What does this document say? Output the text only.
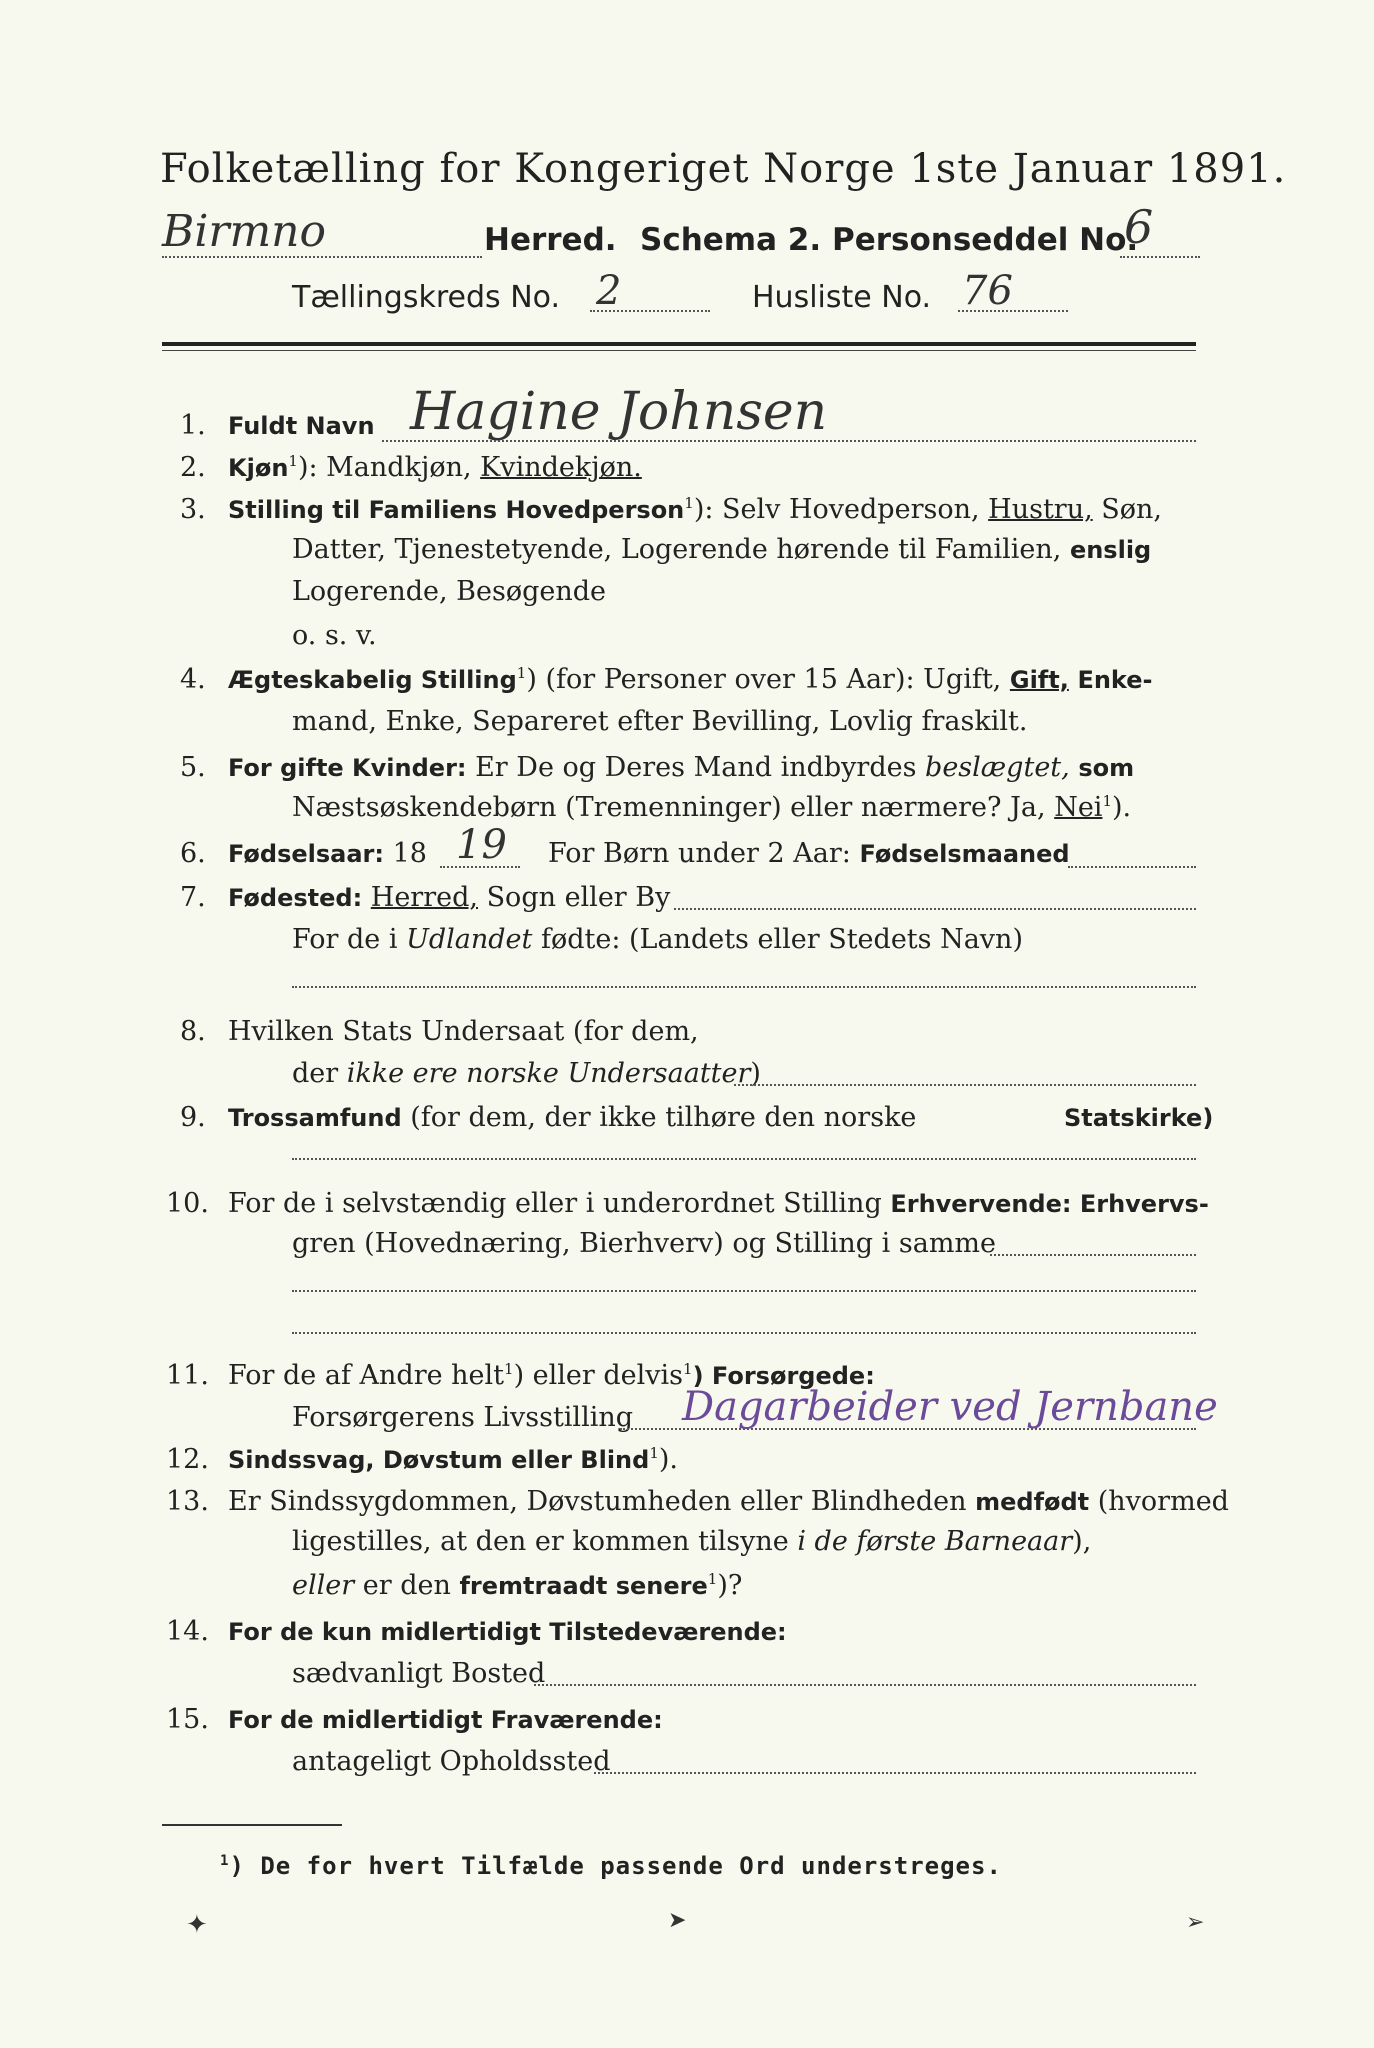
Folketælling for Kongeriget Norge 1ste Januar 1891.
Birmno	Herred. Schema 2. Personseddel No.
6
Tællingskreds No. 2	Husliste No. 76
1. Fuldt Navn Hagine Johnsen
2. Kjøn$^1$): Mandkjøn, Kvindekjøn.
3. Stilling til Familiens Hovedperson$^1$): Selv Hovedperson, Hustru, Søn,
Datter, Tjenestetyende, Logerende hørende til Familien, enslig
Logerende, Besøgende
o. s. v.
4. Ægteskabelig Stilling$^1$) (for Personer over 15 Aar): Ugift, Gift, Enke-
mand, Enke, Separeret efter Bevilling, Lovlig fraskilt.
5. For gifte Kvinder: Er De og Deres Mand indbyrdes beslægtet, som
Næstsøskendebørn (Tremenninger) eller nærmere? Ja, Nei$^1$).
6. Fødselsaar: 18 19 For Børn under 2 Aar: Fødselsmaaned
7. Fødested: Herred, Sogn eller By
For de i Udlandet fødte: (Landets eller Stedets Navn)
8. Hvilken Stats Undersaat (for dem,
der ikke ere norske Undersaatter)
9. Trossamfund (for dem, der ikke tilhøre den norske	Statskirke)
10. For de i selvstændig eller i underordnet Stilling Erhvervende: Erhvervs-
gren (Hovednæring, Bierhverv) og Stilling i samme
11. For de af Andre helt$^1$) eller delvis$^1$) Forsørgede:
Forsørgerens Livsstilling Dagarbeider ved Jernbane
12. Sindssvag, Døvstum eller Blind$^1$).
13. Er Sindssygdommen, Døvstumheden eller Blindheden medfødt (hvormed
ligestilles, at den er kommen tilsyne i de første Barneaar),
eller er den fremtraadt senere$^1$)?
14. For de kun midlertidigt Tilstedeværende:
sædvanligt Bosted
15. For de midlertidigt Fraværende:
antageligt Opholdssted
$^1$) De for hvert Tilfælde passende Ord understreges.
✦	➤	➢
